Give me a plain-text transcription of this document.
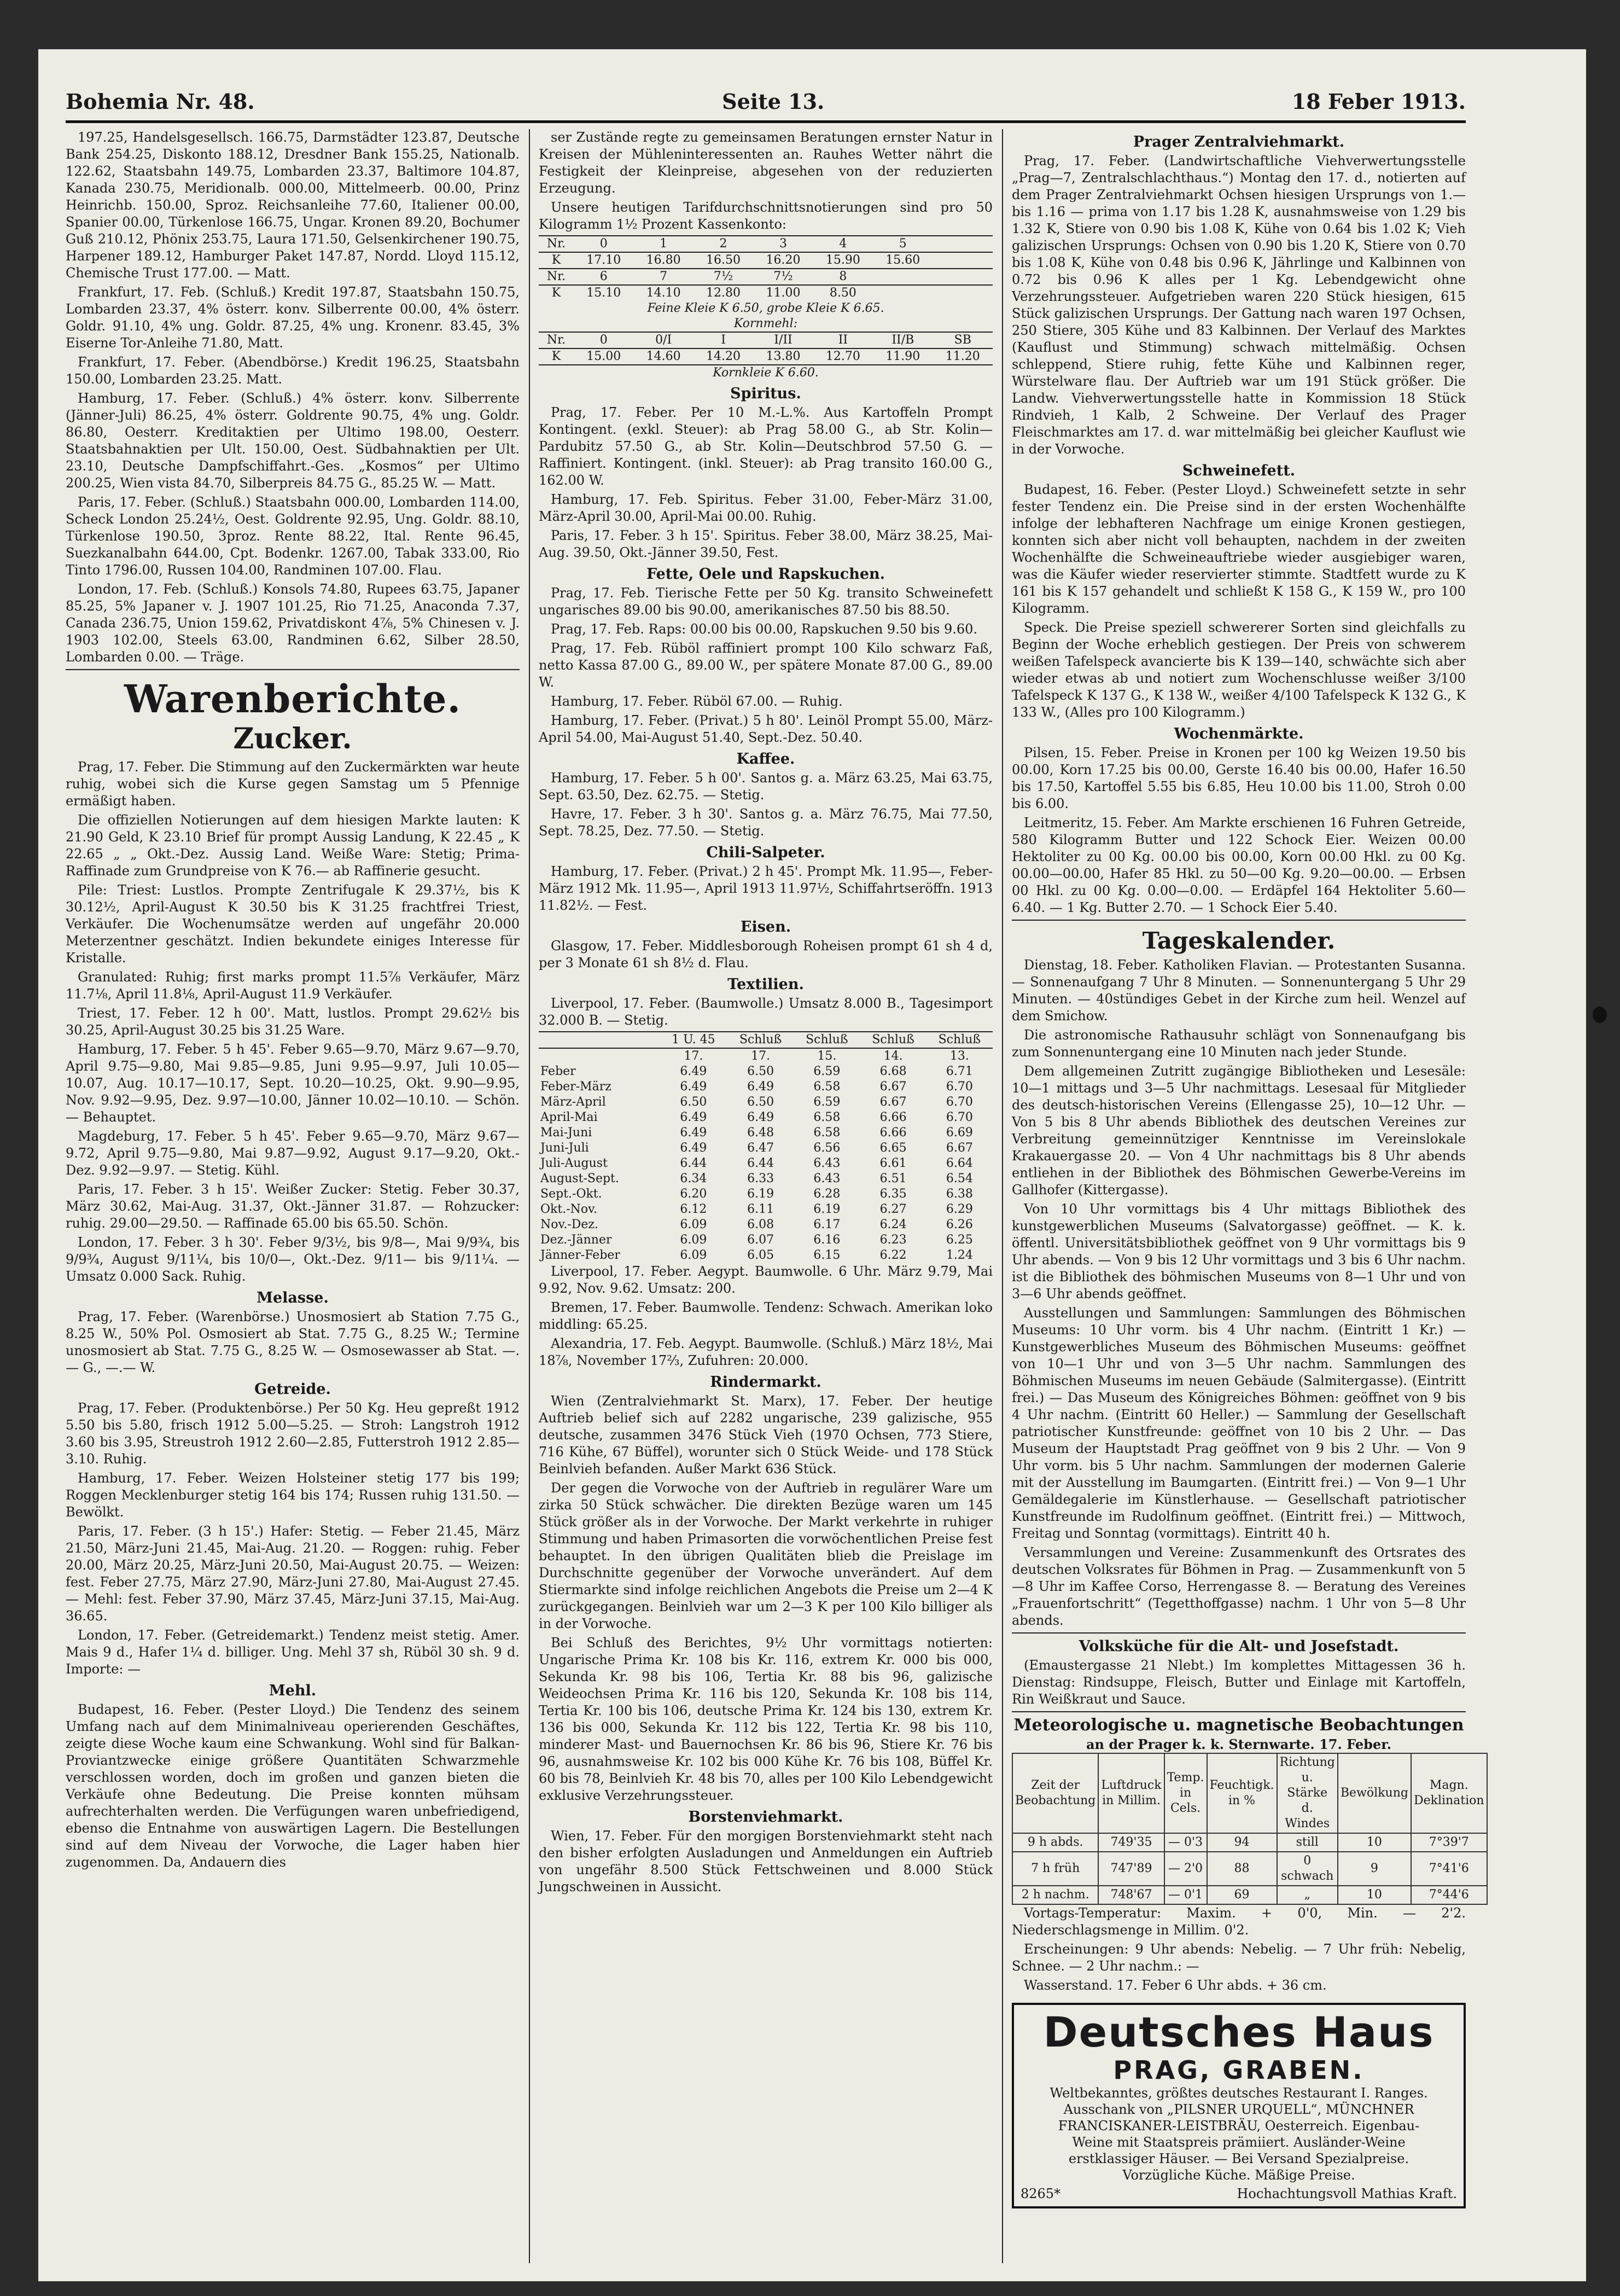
Bohemia Nr. 48.	Seite 13.	18 Feber 1913.

197.25, Handelsgesellsch. 166.75, Darmstädter 123.87, Deutsche Bank 254.25, Diskonto 188.12, Dresdner Bank 155.25, Nationalb. 122.62, Staatsbahn 149.75, Lombarden 23.37, Baltimore 104.87, Kanada 230.75, Meridionalb. 000.00, Mittelmeerb. 00.00, Prinz Heinrichb. 150.00, Sproz. Reichsanleihe 77.60, Italiener 00.00, Spanier 00.00, Türkenlose 166.75, Ungar. Kronen 89.20, Bochumer Guß 210.12, Phönix 253.75, Laura 171.50, Gelsenkirchener 190.75, Harpener 189.12, Hamburger Paket 147.87, Nordd. Lloyd 115.12, Chemische Trust 177.00. — Matt.

Frankfurt, 17. Feb. (Schluß.) Kredit 197.87, Staatsbahn 150.75, Lombarden 23.37, 4% österr. konv. Silberrente 00.00, 4% österr. Goldr. 91.10, 4% ung. Goldr. 87.25, 4% ung. Kronenr. 83.45, 3% Eiserne Tor-Anleihe 71.80, Matt.

Frankfurt, 17. Feber. (Abendbörse.) Kredit 196.25, Staatsbahn 150.00, Lombarden 23.25. Matt.

Hamburg, 17. Feber. (Schluß.) 4% österr. konv. Silberrente (Jänner-Juli) 86.25, 4% österr. Goldrente 90.75, 4% ung. Goldr. 86.80, Oesterr. Kreditaktien per Ultimo 198.00, Oesterr. Staatsbahnaktien per Ult. 150.00, Oest. Südbahnaktien per Ult. 23.10, Deutsche Dampfschiffahrt.-Ges. „Kosmos“ per Ultimo 200.25, Wien vista 84.70, Silberpreis 84.75 G., 85.25 W. — Matt.

Paris, 17. Feber. (Schluß.) Staatsbahn 000.00, Lombarden 114.00, Scheck London 25.24½, Oest. Goldrente 92.95, Ung. Goldr. 88.10, Türkenlose 190.50, 3proz. Rente 88.22, Ital. Rente 96.45, Suezkanalbahn 644.00, Cpt. Bodenkr. 1267.00, Tabak 333.00, Rio Tinto 1796.00, Russen 104.00, Randminen 107.00. Flau.

London, 17. Feb. (Schluß.) Konsols 74.80, Rupees 63.75, Japaner 85.25, 5% Japaner v. J. 1907 101.25, Rio 71.25, Anaconda 7.37, Canada 236.75, Union 159.62, Privatdiskont 4⅞, 5% Chinesen v. J. 1903 102.00, Steels 63.00, Randminen 6.62, Silber 28.50, Lombarden 0.00. — Träge.

Warenberichte.
Zucker.

Prag, 17. Feber. Die Stimmung auf den Zuckermärkten war heute ruhig, wobei sich die Kurse gegen Samstag um 5 Pfennige ermäßigt haben.

Die offiziellen Notierungen auf dem hiesigen Markte lauten: K 21.90 Geld, K 23.10 Brief für prompt Aussig Landung, K 22.45 „ K 22.65 „ „ Okt.-Dez. Aussig Land. Weiße Ware: Stetig; Prima-Raffinade zum Grundpreise von K 76.— ab Raffinerie gesucht.

Pile: Triest: Lustlos. Prompte Zentrifugale K 29.37½, bis K 30.12½, April-August K 30.50 bis K 31.25 frachtfrei Triest, Verkäufer. Die Wochenumsätze werden auf ungefähr 20.000 Meterzentner geschätzt. Indien bekundete einiges Interesse für Kristalle.

Granulated: Ruhig; first marks prompt 11.5⅞ Verkäufer, März 11.7⅛, April 11.8⅛, April-August 11.9 Verkäufer.

Triest, 17. Feber. 12 h 00'. Matt, lustlos. Prompt 29.62½ bis 30.25, April-August 30.25 bis 31.25 Ware.

Hamburg, 17. Feber. 5 h 45'. Feber 9.65—9.70, März 9.67—9.70, April 9.75—9.80, Mai 9.85—9.85, Juni 9.95—9.97, Juli 10.05—10.07, Aug. 10.17—10.17, Sept. 10.20—10.25, Okt. 9.90—9.95, Nov. 9.92—9.95, Dez. 9.97—10.00, Jänner 10.02—10.10. — Schön. — Behauptet.

Magdeburg, 17. Feber. 5 h 45'. Feber 9.65—9.70, März 9.67—9.72, April 9.75—9.80, Mai 9.87—9.92, August 9.17—9.20, Okt.-Dez. 9.92—9.97. — Stetig. Kühl.

Paris, 17. Feber. 3 h 15'. Weißer Zucker: Stetig. Feber 30.37, März 30.62, Mai-Aug. 31.37, Okt.-Jänner 31.87. — Rohzucker: ruhig. 29.00—29.50. — Raffinade 65.00 bis 65.50. Schön.

London, 17. Feber. 3 h 30'. Feber 9/3½, bis 9/8—, Mai 9/9¾, bis 9/9¾, August 9/11¼, bis 10/0—, Okt.-Dez. 9/11— bis 9/11¼. — Umsatz 0.000 Sack. Ruhig.

Melasse.

Prag, 17. Feber. (Warenbörse.) Unosmosiert ab Station 7.75 G., 8.25 W., 50% Pol. Osmosiert ab Stat. 7.75 G., 8.25 W.; Termine unosmosiert ab Stat. 7.75 G., 8.25 W. — Osmosewasser ab Stat. —.— G., —.— W.

Getreide.

Prag, 17. Feber. (Produktenbörse.) Per 50 Kg. Heu gepreßt 1912 5.50 bis 5.80, frisch 1912 5.00—5.25. — Stroh: Langstroh 1912 3.60 bis 3.95, Streustroh 1912 2.60—2.85, Futterstroh 1912 2.85—3.10. Ruhig.

Hamburg, 17. Feber. Weizen Holsteiner stetig 177 bis 199; Roggen Mecklenburger stetig 164 bis 174; Russen ruhig 131.50. — Bewölkt.

Paris, 17. Feber. (3 h 15'.) Hafer: Stetig. — Feber 21.45, März 21.50, März-Juni 21.45, Mai-Aug. 21.20. — Roggen: ruhig. Feber 20.00, März 20.25, März-Juni 20.50, Mai-August 20.75. — Weizen: fest. Feber 27.75, März 27.90, März-Juni 27.80, Mai-August 27.45. — Mehl: fest. Feber 37.90, März 37.45, März-Juni 37.15, Mai-Aug. 36.65.

London, 17. Feber. (Getreidemarkt.) Tendenz meist stetig. Amer. Mais 9 d., Hafer 1¼ d. billiger. Ung. Mehl 37 sh, Rüböl 30 sh. 9 d. Importe: —

Mehl.

Budapest, 16. Feber. (Pester Lloyd.) Die Tendenz des seinem Umfang nach auf dem Minimalniveau operierenden Geschäftes, zeigte diese Woche kaum eine Schwankung. Wohl sind für Balkan-Proviantzwecke einige größere Quantitäten Schwarzmehle verschlossen worden, doch im großen und ganzen bieten die Verkäufe ohne Bedeutung. Die Preise konnten mühsam aufrechterhalten werden. Die Verfügungen waren unbefriedigend, ebenso die Entnahme von auswärtigen Lagern. Die Bestellungen sind auf dem Niveau der Vorwoche, die Lager haben hier zugenommen. Da, Andauern dies

ser Zustände regte zu gemeinsamen Beratungen ernster Natur in Kreisen der Mühleninteressenten an. Rauhes Wetter nährt die Festigkeit der Kleinpreise, abgesehen von der reduzierten Erzeugung.

Unsere heutigen Tarifdurchschnittsnotierungen sind pro 50 Kilogramm 1½ Prozent Kassenkonto:

Nr.	0	1	2	3	4	5	
K	17.10	16.80	16.50	16.20	15.90	15.60	
Nr.	6	7	7½	7½	8		
K	15.10	14.10	12.80	11.00	8.50		
Feine Kleie K 6.50, grobe Kleie K 6.65.							
Kornmehl:							
Nr.	0	0/I	I	I/II	II	II/B	SB
K	15.00	14.60	14.20	13.80	12.70	11.90	11.20
Kornkleie K 6.60.							
Spiritus.

Prag, 17. Feber. Per 10 M.-L.%. Aus Kartoffeln Prompt Kontingent. (exkl. Steuer): ab Prag 58.00 G., ab Str. Kolin—Pardubitz 57.50 G., ab Str. Kolin—Deutschbrod 57.50 G. — Raffiniert. Kontingent. (inkl. Steuer): ab Prag transito 160.00 G., 162.00 W.

Hamburg, 17. Feb. Spiritus. Feber 31.00, Feber-März 31.00, März-April 30.00, April-Mai 00.00. Ruhig.

Paris, 17. Feber. 3 h 15'. Spiritus. Feber 38.00, März 38.25, Mai-Aug. 39.50, Okt.-Jänner 39.50, Fest.

Fette, Oele und Rapskuchen.

Prag, 17. Feb. Tierische Fette per 50 Kg. transito Schweinefett ungarisches 89.00 bis 90.00, amerikanisches 87.50 bis 88.50.

Prag, 17. Feb. Raps: 00.00 bis 00.00, Rapskuchen 9.50 bis 9.60.

Prag, 17. Feb. Rüböl raffiniert prompt 100 Kilo schwarz Faß, netto Kassa 87.00 G., 89.00 W., per spätere Monate 87.00 G., 89.00 W.

Hamburg, 17. Feber. Rüböl 67.00. — Ruhig.

Hamburg, 17. Feber. (Privat.) 5 h 80'. Leinöl Prompt 55.00, März-April 54.00, Mai-August 51.40, Sept.-Dez. 50.40.

Kaffee.

Hamburg, 17. Feber. 5 h 00'. Santos g. a. März 63.25, Mai 63.75, Sept. 63.50, Dez. 62.75. — Stetig.

Havre, 17. Feber. 3 h 30'. Santos g. a. März 76.75, Mai 77.50, Sept. 78.25, Dez. 77.50. — Stetig.

Chili-Salpeter.

Hamburg, 17. Feber. (Privat.) 2 h 45'. Prompt Mk. 11.95—, Feber-März 1912 Mk. 11.95—, April 1913 11.97½, Schiffahrtseröffn. 1913 11.82½. — Fest.

Eisen.

Glasgow, 17. Feber. Middlesborough Roheisen prompt 61 sh 4 d, per 3 Monate 61 sh 8½ d. Flau.

Textilien.

Liverpool, 17. Feber. (Baumwolle.) Umsatz 8.000 B., Tagesimport 32.000 B. — Stetig.

	1 U. 45	Schluß	Schluß	Schluß	Schluß
	17.	17.	15.	14.	13.
Feber	6.49	6.50	6.59	6.68	6.71
Feber-März	6.49	6.49	6.58	6.67	6.70
März-April	6.50	6.50	6.59	6.67	6.70
April-Mai	6.49	6.49	6.58	6.66	6.70
Mai-Juni	6.49	6.48	6.58	6.66	6.69
Juni-Juli	6.49	6.47	6.56	6.65	6.67
Juli-August	6.44	6.44	6.43	6.61	6.64
August-Sept.	6.34	6.33	6.43	6.51	6.54
Sept.-Okt.	6.20	6.19	6.28	6.35	6.38
Okt.-Nov.	6.12	6.11	6.19	6.27	6.29
Nov.-Dez.	6.09	6.08	6.17	6.24	6.26
Dez.-Jänner	6.09	6.07	6.16	6.23	6.25
Jänner-Feber	6.09	6.05	6.15	6.22	1.24

Liverpool, 17. Feber. Aegypt. Baumwolle. 6 Uhr. März 9.79, Mai 9.92, Nov. 9.62. Umsatz: 200.

Bremen, 17. Feber. Baumwolle. Tendenz: Schwach. Amerikan loko middling: 65.25.

Alexandria, 17. Feb. Aegypt. Baumwolle. (Schluß.) März 18½, Mai 18⅞, November 17⅔, Zufuhren: 20.000.

Rindermarkt.

Wien (Zentralviehmarkt St. Marx), 17. Feber. Der heutige Auftrieb belief sich auf 2282 ungarische, 239 galizische, 955 deutsche, zusammen 3476 Stück Vieh (1970 Ochsen, 773 Stiere, 716 Kühe, 67 Büffel), worunter sich 0 Stück Weide- und 178 Stück Beinlvieh befanden. Außer Markt 636 Stück.

Der gegen die Vorwoche von der Auftrieb in regulärer Ware um zirka 50 Stück schwächer. Die direkten Bezüge waren um 145 Stück größer als in der Vorwoche. Der Markt verkehrte in ruhiger Stimmung und haben Primasorten die vorwöchentlichen Preise fest behauptet. In den übrigen Qualitäten blieb die Preislage im Durchschnitte gegenüber der Vorwoche unverändert. Auf dem Stiermarkte sind infolge reichlichen Angebots die Preise um 2—4 K zurückgegangen. Beinlvieh war um 2—3 K per 100 Kilo billiger als in der Vorwoche.

Bei Schluß des Berichtes, 9½ Uhr vormittags notierten: Ungarische Prima Kr. 108 bis Kr. 116, extrem Kr. 000 bis 000, Sekunda Kr. 98 bis 106, Tertia Kr. 88 bis 96, galizische Weideochsen Prima Kr. 116 bis 120, Sekunda Kr. 108 bis 114, Tertia Kr. 100 bis 106, deutsche Prima Kr. 124 bis 130, extrem Kr. 136 bis 000, Sekunda Kr. 112 bis 122, Tertia Kr. 98 bis 110, minderer Mast- und Bauernochsen Kr. 86 bis 96, Stiere Kr. 76 bis 96, ausnahmsweise Kr. 102 bis 000 Kühe Kr. 76 bis 108, Büffel Kr. 60 bis 78, Beinlvieh Kr. 48 bis 70, alles per 100 Kilo Lebendgewicht exklusive Verzehrungssteuer.

Borstenviehmarkt.

Wien, 17. Feber. Für den morgigen Borstenviehmarkt steht nach den bisher erfolgten Ausladungen und Anmeldungen ein Auftrieb von ungefähr 8.500 Stück Fettschweinen und 8.000 Stück Jungschweinen in Aussicht.

Prager Zentralviehmarkt.

Prag, 17. Feber. (Landwirtschaftliche Viehverwertungsstelle „Prag—7, Zentralschlachthaus.“) Montag den 17. d., notierten auf dem Prager Zentralviehmarkt Ochsen hiesigen Ursprungs von 1.— bis 1.16 — prima von 1.17 bis 1.28 K, ausnahmsweise von 1.29 bis 1.32 K, Stiere von 0.90 bis 1.08 K, Kühe von 0.64 bis 1.02 K; Vieh galizischen Ursprungs: Ochsen von 0.90 bis 1.20 K, Stiere von 0.70 bis 1.08 K, Kühe von 0.48 bis 0.96 K, Jährlinge und Kalbinnen von 0.72 bis 0.96 K alles per 1 Kg. Lebendgewicht ohne Verzehrungssteuer. Aufgetrieben waren 220 Stück hiesigen, 615 Stück galizischen Ursprungs. Der Gattung nach waren 197 Ochsen, 250 Stiere, 305 Kühe und 83 Kalbinnen. Der Verlauf des Marktes (Kauflust und Stimmung) schwach mittelmäßig. Ochsen schleppend, Stiere ruhig, fette Kühe und Kalbinnen reger, Würstelware flau. Der Auftrieb war um 191 Stück größer. Die Landw. Viehverwertungsstelle hatte in Kommission 18 Stück Rindvieh, 1 Kalb, 2 Schweine. Der Verlauf des Prager Fleischmarktes am 17. d. war mittelmäßig bei gleicher Kauflust wie in der Vorwoche.

Schweinefett.

Budapest, 16. Feber. (Pester Lloyd.) Schweinefett setzte in sehr fester Tendenz ein. Die Preise sind in der ersten Wochenhälfte infolge der lebhafteren Nachfrage um einige Kronen gestiegen, konnten sich aber nicht voll behaupten, nachdem in der zweiten Wochenhälfte die Schweineauftriebe wieder ausgiebiger waren, was die Käufer wieder reservierter stimmte. Stadtfett wurde zu K 161 bis K 157 gehandelt und schließt K 158 G., K 159 W., pro 100 Kilogramm.

Speck. Die Preise speziell schwererer Sorten sind gleichfalls zu Beginn der Woche erheblich gestiegen. Der Preis von schwerem weißen Tafelspeck avancierte bis K 139—140, schwächte sich aber wieder etwas ab und notiert zum Wochenschlusse weißer 3/100 Tafelspeck K 137 G., K 138 W., weißer 4/100 Tafelspeck K 132 G., K 133 W., (Alles pro 100 Kilogramm.)

Wochenmärkte.

Pilsen, 15. Feber. Preise in Kronen per 100 kg Weizen 19.50 bis 00.00, Korn 17.25 bis 00.00, Gerste 16.40 bis 00.00, Hafer 16.50 bis 17.50, Kartoffel 5.55 bis 6.85, Heu 10.00 bis 11.00, Stroh 0.00 bis 6.00.

Leitmeritz, 15. Feber. Am Markte erschienen 16 Fuhren Getreide, 580 Kilogramm Butter und 122 Schock Eier. Weizen 00.00 Hektoliter zu 00 Kg. 00.00 bis 00.00, Korn 00.00 Hkl. zu 00 Kg. 00.00—00.00, Hafer 85 Hkl. zu 50—00 Kg. 9.20—00.00. — Erbsen 00 Hkl. zu 00 Kg. 0.00—0.00. — Erdäpfel 164 Hektoliter 5.60—6.40. — 1 Kg. Butter 2.70. — 1 Schock Eier 5.40.

Tageskalender.

Dienstag, 18. Feber. Katholiken Flavian. — Protestanten Susanna. — Sonnenaufgang 7 Uhr 8 Minuten. — Sonnenuntergang 5 Uhr 29 Minuten. — 40stündiges Gebet in der Kirche zum heil. Wenzel auf dem Smichow.

Die astronomische Rathausuhr schlägt von Sonnenaufgang bis zum Sonnenuntergang eine 10 Minuten nach jeder Stunde.

Dem allgemeinen Zutritt zugängige Bibliotheken und Lesesäle: 10—1 mittags und 3—5 Uhr nachmittags. Lesesaal für Mitglieder des deutsch-historischen Vereins (Ellengasse 25), 10—12 Uhr. — Von 5 bis 8 Uhr abends Bibliothek des deutschen Vereines zur Verbreitung gemeinnütziger Kenntnisse im Vereinslokale Krakauergasse 20. — Von 4 Uhr nachmittags bis 8 Uhr abends entliehen in der Bibliothek des Böhmischen Gewerbe-Vereins im Gallhofer (Kittergasse).

Von 10 Uhr vormittags bis 4 Uhr mittags Bibliothek des kunstgewerblichen Museums (Salvatorgasse) geöffnet. — K. k. öffentl. Universitätsbibliothek geöffnet von 9 Uhr vormittags bis 9 Uhr abends. — Von 9 bis 12 Uhr vormittags und 3 bis 6 Uhr nachm. ist die Bibliothek des böhmischen Museums von 8—1 Uhr und von 3—6 Uhr abends geöffnet.

Ausstellungen und Sammlungen: Sammlungen des Böhmischen Museums: 10 Uhr vorm. bis 4 Uhr nachm. (Eintritt 1 Kr.) — Kunstgewerbliches Museum des Böhmischen Museums: geöffnet von 10—1 Uhr und von 3—5 Uhr nachm. Sammlungen des Böhmischen Museums im neuen Gebäude (Salmitergasse). (Eintritt frei.) — Das Museum des Königreiches Böhmen: geöffnet von 9 bis 4 Uhr nachm. (Eintritt 60 Heller.) — Sammlung der Gesellschaft patriotischer Kunstfreunde: geöffnet von 10 bis 2 Uhr. — Das Museum der Hauptstadt Prag geöffnet von 9 bis 2 Uhr. — Von 9 Uhr vorm. bis 5 Uhr nachm. Sammlungen der modernen Galerie mit der Ausstellung im Baumgarten. (Eintritt frei.) — Von 9—1 Uhr Gemäldegalerie im Künstlerhause. — Gesellschaft patriotischer Kunstfreunde im Rudolfinum geöffnet. (Eintritt frei.) — Mittwoch, Freitag und Sonntag (vormittags). Eintritt 40 h.

Versammlungen und Vereine: Zusammenkunft des Ortsrates des deutschen Volksrates für Böhmen in Prag. — Zusammenkunft von 5—8 Uhr im Kaffee Corso, Herrengasse 8. — Beratung des Vereines „Frauenfortschritt“ (Tegetthoffgasse) nachm. 1 Uhr von 5—8 Uhr abends.

Volksküche für die Alt- und Josefstadt.

(Emaustergasse 21 Nlebt.) Im komplettes Mittagessen 36 h. Dienstag: Rindsuppe, Fleisch, Butter und Einlage mit Kartoffeln, Rin Weißkraut und Sauce.

Meteorologische u. magnetische Beobachtungen
an der Prager k. k. Sternwarte. 17. Feber.
Zeit der Beobachtung	Luftdruck in Millim.	Temp. in Cels.	Feuchtigk. in %	Richtung u. Stärke d. Windes	Bewölkung	Magn. Deklination
9 h abds.	749'35	— 0'3	94	still	10	7°39'7
7 h früh	747'89	— 2'0	88	0 schwach	9	7°41'6
2 h nachm.	748'67	— 0'1	69	„	10	7°44'6

Vortags-Temperatur: Maxim. + 0'0, Min. — 2'2. Niederschlagsmenge in Millim. 0'2.

Erscheinungen: 9 Uhr abends: Nebelig. — 7 Uhr früh: Nebelig, Schnee. — 2 Uhr nachm.: —

Wasserstand. 17. Feber 6 Uhr abds. + 36 cm.

Deutsches Haus
PRAG, GRABEN.
Weltbekanntes, größtes deutsches Restaurant I. Ranges.
Ausschank von „PILSNER URQUELL“, MÜNCHNER
FRANCISKANER-LEISTBRÄU, Oesterreich. Eigenbau-
Weine mit Staatspreis prämiiert. Ausländer-Weine
erstklassiger Häuser. — Bei Versand Spezialpreise.
Vorzügliche Küche. Mäßige Preise.
8265*	Hochachtungsvoll Mathias Kraft.
